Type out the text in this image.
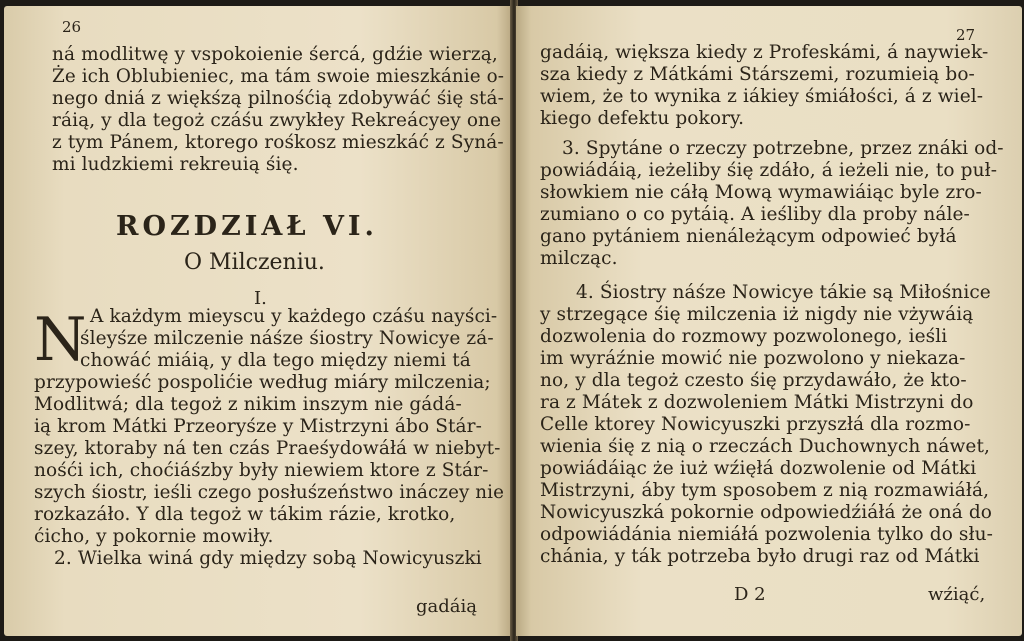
26
ná modlitwę y vspokoienie śercá, gdźie wierzą,
Że ich Oblubieniec, ma tám swoie mieszkánie o-
nego dniá z więkśzą pilnośćią zdobywáć śię stá-
ráią, y dla tegoż czáśu zwykłey Rekreácyey one
z tym Pánem, ktorego rośkosz mieszkáć z Syná-
mi ludzkiemi rekreuią śię.
ROZDZIAŁ VI.
O Milczeniu.
I.
N A każdym mieyscu y każdego czáśu nayści-
śleyśze milczenie náśze śiostry Nowicye zá-
chowáć miáią, y dla tego między niemi tá
przypowieść pospolićie według miáry milczenia;
Modlitwá; dla tegoż z nikim inszym nie gádá-
ią krom Mátki Przeoryśze y Mistrzyni ábo Stár-
szey, ktoraby ná ten czás Praeśydowáłá w niebyt-
nośći ich, choćiáśzby były niewiem ktore z Stár-
szych śiostr, ieśli czego posłuśzeństwo ináczey nie
rozkazáło. Y dla tegoż w tákim rázie, krotko,
ćicho, y pokornie mowiły.
2. Wielka winá gdy między sobą Nowicyuszki
gadáią
27
gadáią, większa kiedy z Profeskámi, á naywiek-
sza kiedy z Mátkámi Stárszemi, rozumieią bo-
wiem, że to wynika z iákiey śmiáłości, á z wiel-
kiego defektu pokory.
3. Spytáne o rzeczy potrzebne, przez znáki od-
powiádáią, ieżeliby śię zdáło, á ieżeli nie, to puł-
słowkiem nie cáłą Mową wymawiáiąc byle zro-
zumiano o co pytáią. A ieśliby dla proby nále-
gano pytániem nienáleżącym odpowieć byłá
milcząc.
4. Śiostry náśze Nowicye tákie są Miłośnice
y strzegące śię milczenia iż nigdy nie vżywáią
dozwolenia do rozmowy pozwolonego, ieśli
im wyráźnie mowić nie pozwolono y niekaza-
no, y dla tegoż czesto śię przydawáło, że kto-
ra z Mátek z dozwoleniem Mátki Mistrzyni do
Celle ktorey Nowicyuszki przyszłá dla rozmo-
wienia śię z nią o rzeczách Duchownych náwet,
powiádáiąc że iuż wźięłá dozwolenie od Mátki
Mistrzyni, áby tym sposobem z nią rozmawiáłá,
Nowicyuszká pokornie odpowiedźiáłá że oná do
odpowiádánia niemiáłá pozwolenia tylko do słu-
chánia, y ták potrzeba było drugi raz od Mátki
D 2	wźiąć,
